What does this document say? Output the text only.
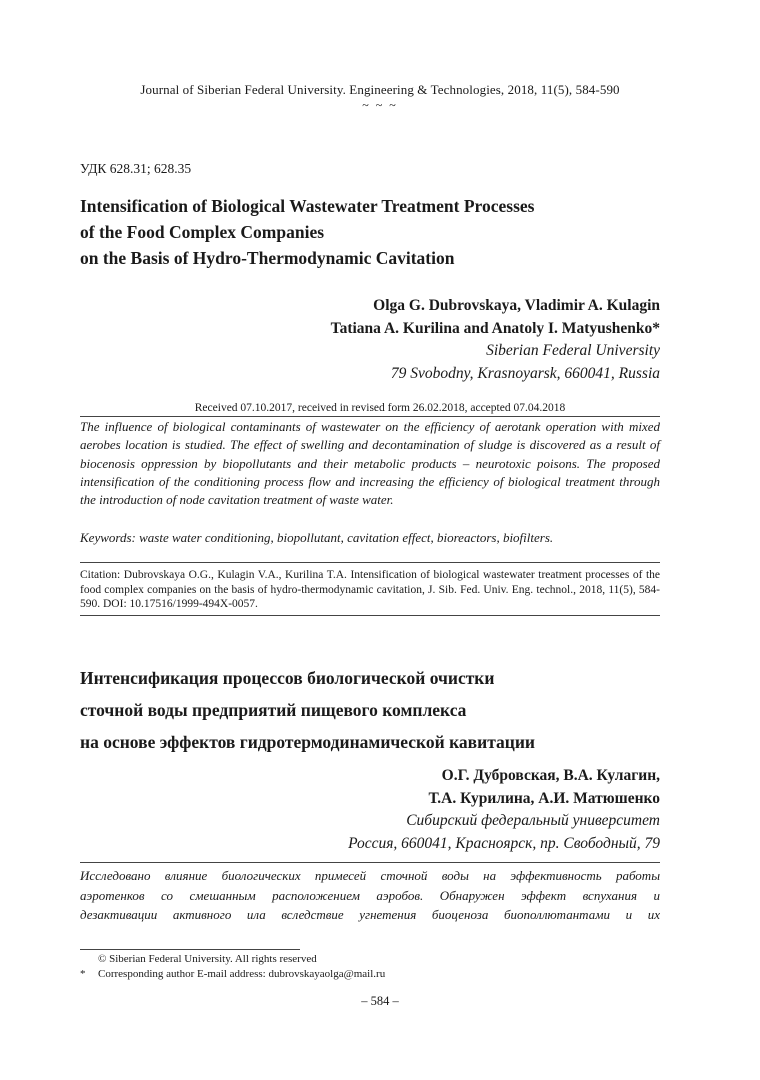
Journal of Siberian Federal University. Engineering & Technologies, 2018, 11(5), 584-590
~ ~ ~
УДК 628.31; 628.35
Intensification of Biological Wastewater Treatment Processes
of the Food Complex Companies
on the Basis of Hydro-Thermodynamic Cavitation
Olga G. Dubrovskaya, Vladimir A. Kulagin
Tatiana A. Kurilina and Anatoly I. Matyushenko*
Siberian Federal University
79 Svobodny, Krasnoyarsk, 660041, Russia
Received 07.10.2017, received in revised form 26.02.2018, accepted 07.04.2018
The influence of biological contaminants of wastewater on the efficiency of aerotank operation with mixed aerobes location is studied. The effect of swelling and decontamination of sludge is discovered as a result of biocenosis oppression by biopollutants and their metabolic products – neurotoxic poisons. The proposed intensification of the conditioning process flow and increasing the efficiency of biological treatment through the introduction of node cavitation treatment of waste water.
Keywords: waste water conditioning, biopollutant, cavitation effect, bioreactors, biofilters.
Citation: Dubrovskaya O.G., Kulagin V.A., Kurilina T.A. Intensification of biological wastewater treatment processes of the food complex companies on the basis of hydro-thermodynamic cavitation, J. Sib. Fed. Univ. Eng. technol., 2018, 11(5), 584-590. DOI: 10.17516/1999-494X-0057.
Интенсификация процессов биологической очистки
сточной воды предприятий пищевого комплекса
на основе эффектов гидротермодинамической кавитации
О.Г. Дубровская, В.А. Кулагин,
Т.А. Курилина, А.И. Матюшенко
Сибирский федеральный университет
Россия, 660041, Красноярск, пр. Свободный, 79
Исследовано влияние биологических примесей сточной воды на эффективность работы
аэротенков со смешанным расположением аэробов. Обнаружен эффект вспухания и
дезактивации активного ила вследствие угнетения биоценоза биополлютантами и их
© Siberian Federal University. All rights reserved
* Corresponding author E-mail address: dubrovskayaolga@mail.ru
– 584 –
